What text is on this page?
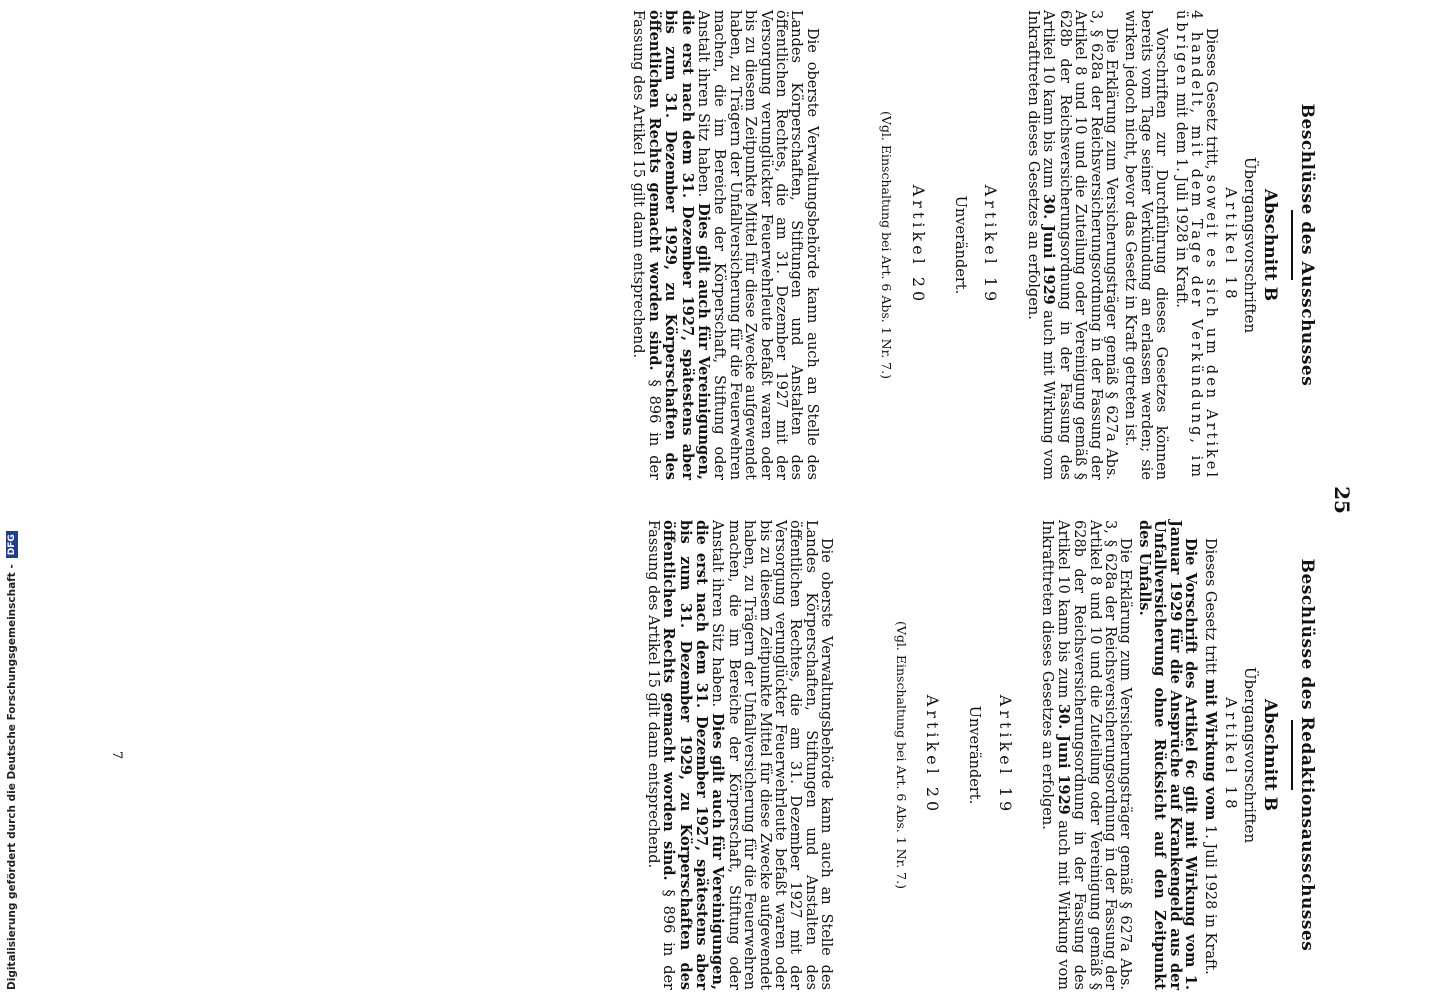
25
Beschlüsse des Ausschusses
Abschnitt B
Übergangsvorschriften
Artikel 18

Dieses Gesetz tritt, soweit es sich um den Artikel 4 handelt, mit dem Tage der Verkündung, im übrigen mit dem 1. Juli 1928 in Kraft.

Vorschriften zur Durchführung dieses Gesetzes können bereits vom Tage seiner Verkündung an erlassen werden; sie wirken jedoch nicht, bevor das Gesetz in Kraft getreten ist.

Die Erklärung zum Versicherungsträger gemäß § 627a Abs. 3, § 628a der Reichsversicherungsordnung in der Fassung der Artikel 8 und 10 und die Zuteilung oder Vereinigung gemäß § 628b der Reichsversicherungsordnung in der Fassung des Artikel 10 kann bis zum 30. Juni 1929 auch mit Wirkung vom Inkrafttreten dieses Gesetzes an erfolgen.

Artikel 19

Unverändert.

Artikel 20
(Vgl. Einschaltung bei Art. 6 Abs. 1 Nr. 7.)

Die oberste Verwaltungsbehörde kann auch an Stelle des Landes Körperschaften, Stiftungen und Anstalten des öffentlichen Rechtes, die am 31. Dezember 1927 mit der Versorgung verunglückter Feuerwehrleute befaßt waren oder bis zu diesem Zeitpunkte Mittel für diese Zwecke aufgewendet haben, zu Trägern der Unfallversicherung für die Feuerwehren machen, die im Bereiche der Körperschaft, Stiftung oder Anstalt ihren Sitz haben. Dies gilt auch für Vereinigungen, die erst nach dem 31. Dezember 1927, spätestens aber bis zum 31. Dezember 1929, zu Körperschaften des öffentlichen Rechts gemacht worden sind. § 896 in der Fassung des Artikel 15 gilt dann entsprechend.

Beschlüsse des Redaktionsausschusses
Abschnitt B
Übergangsvorschriften
Artikel 18

Dieses Gesetz tritt mit Wirkung vom 1. Juli 1928 in Kraft.

Die Vorschrift des Artikel 6c gilt mit Wirkung vom 1. Januar 1929 für die Ansprüche auf Krankengeld aus der Unfallversicherung ohne Rücksicht auf den Zeitpunkt des Unfalls.

Die Erklärung zum Versicherungsträger gemäß § 627a Abs. 3, § 628a der Reichsversicherungsordnung in der Fassung der Artikel 8 und 10 und die Zuteilung oder Vereinigung gemäß § 628b der Reichsversicherungsordnung in der Fassung des Artikel 10 kann bis zum 30. Juni 1929 auch mit Wirkung vom Inkrafttreten dieses Gesetzes an erfolgen.

Artikel 19

Unverändert.

Artikel 20
(Vgl. Einschaltung bei Art. 6 Abs. 1 Nr. 7.)

Die oberste Verwaltungsbehörde kann auch an Stelle des Landes Körperschaften, Stiftungen und Anstalten des öffentlichen Rechtes, die am 31. Dezember 1927 mit der Versorgung verunglückter Feuerwehrleute befaßt waren oder bis zu diesem Zeitpunkte Mittel für diese Zwecke aufgewendet haben, zu Trägern der Unfallversicherung für die Feuerwehren machen, die im Bereiche der Körperschaft, Stiftung oder Anstalt ihren Sitz haben. Dies gilt auch für Vereinigungen, die erst nach dem 31. Dezember 1927, spätestens aber bis zum 31. Dezember 1929, zu Körperschaften des öffentlichen Rechts gemacht worden sind. § 896 in der Fassung des Artikel 15 gilt dann entsprechend.

7
Digitalisierung gefördert durch die Deutsche Forschungsgemeinschaft -DFG
